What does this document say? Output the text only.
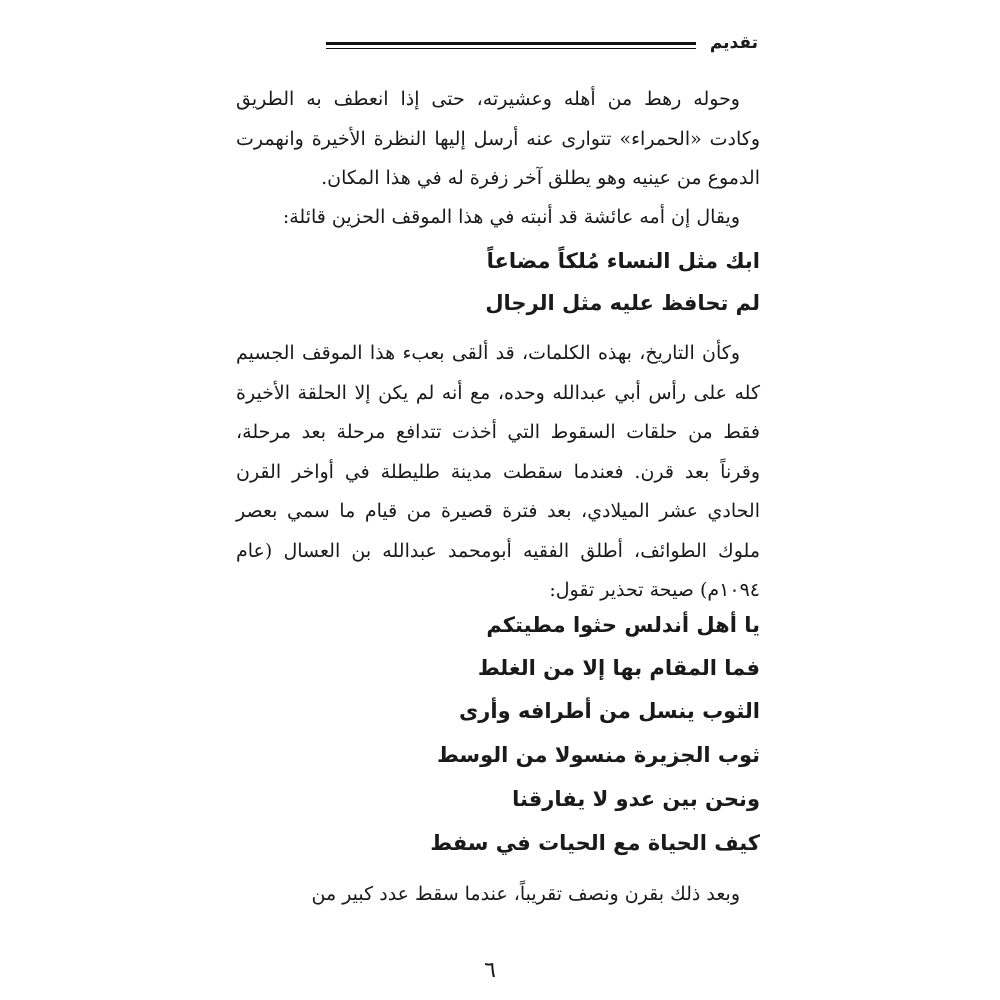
تقديم

وحوله رهط من أهله وعشيرته، حتى إذا انعطف به الطريق وكادت «الحمراء» تتوارى عنه أرسل إليها النظرة الأخيرة وانهمرت الدموع من عينيه وهو يطلق آخر زفرة له في هذا المكان.

ويقال إن أمه عائشة قد أنبته في هذا الموقف الحزين قائلة:

ابك مثل النساء مُلكاً مضاعاً

لم تحافظ عليه مثل الرجال

وكأن التاريخ، بهذه الكلمات، قد ألقى بعبء هذا الموقف الجسيم كله على رأس أبي عبدالله وحده، مع أنه لم يكن إلا الحلقة الأخيرة فقط من حلقات السقوط التي أخذت تتدافع مرحلة بعد مرحلة، وقرناً بعد قرن. فعندما سقطت مدينة طليطلة في أواخر القرن الحادي عشر الميلادي، بعد فترة قصيرة من قيام ما سمي بعصر ملوك الطوائف، أطلق الفقيه أبومحمد عبدالله بن العسال (عام ١٠٩٤م) صيحة تحذير تقول:

يا أهل أندلس حثوا مطيتكم

فما المقام بها إلا من الغلط

الثوب ينسل من أطرافه وأرى

ثوب الجزيرة منسولا من الوسط

ونحن بين عدو لا يفارقنا

كيف الحياة مع الحيات في سفط

وبعد ذلك بقرن ونصف تقريباً، عندما سقط عدد كبير من

٦
